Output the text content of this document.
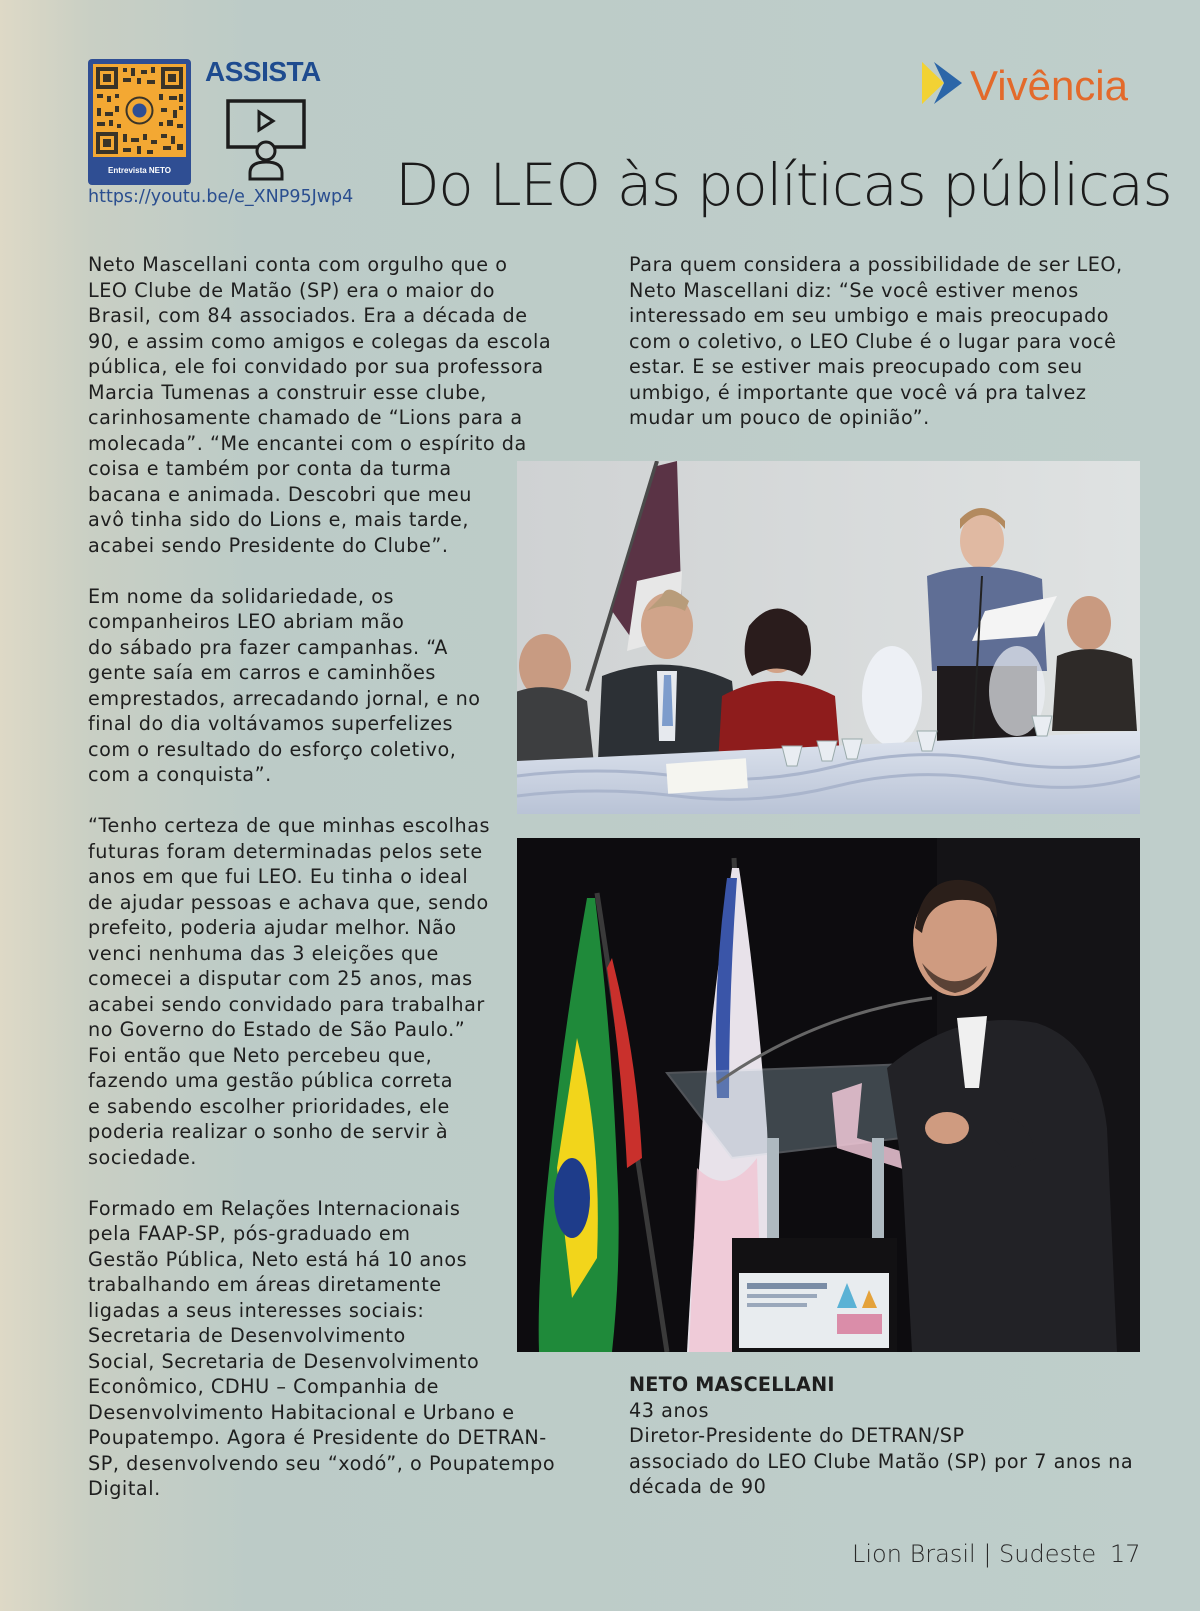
Entrevista NETO
ASSISTA
https://youtu.be/e_XNP95Jwp4
Vivência
Do LEO às políticas públicas

Neto Mascellani conta com orgulho que o

LEO Clube de Matão (SP) era o maior do

Brasil, com 84 associados. Era a década de

90, e assim como amigos e colegas da escola

pública, ele foi convidado por sua professora

Marcia Tumenas a construir esse clube,

carinhosamente chamado de “Lions para a

molecada”. “Me encantei com o espírito da

coisa e também por conta da turma

bacana e animada. Descobri que meu

avô tinha sido do Lions e, mais tarde,

acabei sendo Presidente do Clube”.

Em nome da solidariedade, os

companheiros LEO abriam mão

do sábado pra fazer campanhas. “A

gente saía em carros e caminhões

emprestados, arrecadando jornal, e no

final do dia voltávamos superfelizes

com o resultado do esforço coletivo,

com a conquista”.

“Tenho certeza de que minhas escolhas

futuras foram determinadas pelos sete

anos em que fui LEO. Eu tinha o ideal

de ajudar pessoas e achava que, sendo

prefeito, poderia ajudar melhor. Não

venci nenhuma das 3 eleições que

comecei a disputar com 25 anos, mas

acabei sendo convidado para trabalhar

no Governo do Estado de São Paulo.”

Foi então que Neto percebeu que,

fazendo uma gestão pública correta

e sabendo escolher prioridades, ele

poderia realizar o sonho de servir à

sociedade.

Formado em Relações Internacionais

pela FAAP-SP, pós-graduado em

Gestão Pública, Neto está há 10 anos

trabalhando em áreas diretamente

ligadas a seus interesses sociais:

Secretaria de Desenvolvimento

Social, Secretaria de Desenvolvimento

Econômico, CDHU – Companhia de

Desenvolvimento Habitacional e Urbano e

Poupatempo. Agora é Presidente do DETRAN-

SP, desenvolvendo seu “xodó”, o Poupatempo

Digital.

Para quem considera a possibilidade de ser LEO,

Neto Mascellani diz: “Se você estiver menos

interessado em seu umbigo e mais preocupado

com o coletivo, o LEO Clube é o lugar para você

estar. E se estiver mais preocupado com seu

umbigo, é importante que você vá pra talvez

mudar um pouco de opinião”.

NETO MASCELLANI

43 anos

Diretor-Presidente do DETRAN/SP

associado do LEO Clube Matão (SP) por 7 anos na

década de 90

Lion Brasil | Sudeste 17
